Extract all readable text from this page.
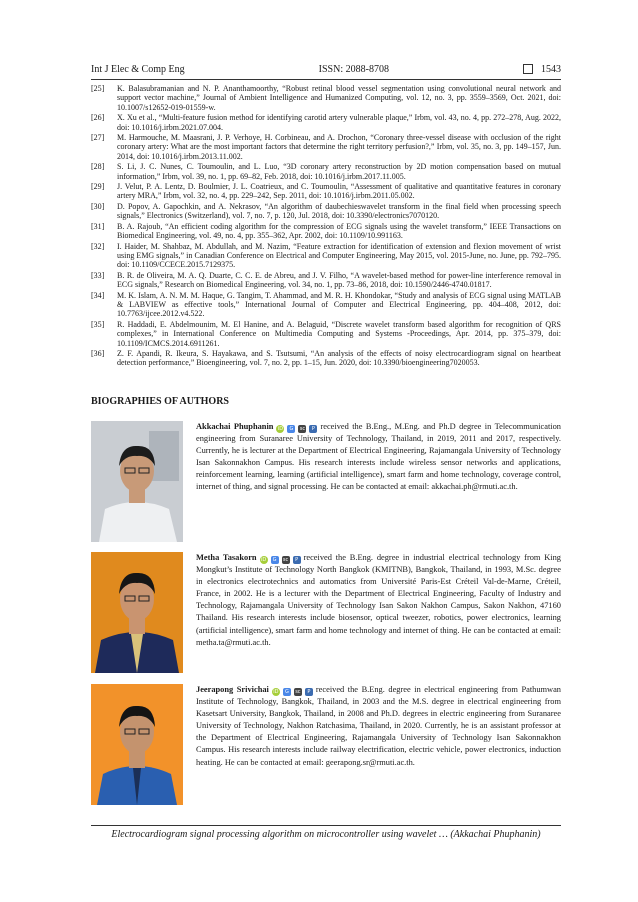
Int J Elec & Comp Eng	ISSN: 2088-8708	1543
[25]	K. Balasubramanian and N. P. Ananthamoorthy, “Robust retinal blood vessel segmentation using convolutional neural network and support vector machine,” Journal of Ambient Intelligence and Humanized Computing, vol. 12, no. 3, pp. 3559–3569, Oct. 2021, doi: 10.1007/s12652-019-01559-w.
[26]	X. Xu et al., “Multi-feature fusion method for identifying carotid artery vulnerable plaque,” Irbm, vol. 43, no. 4, pp. 272–278, Aug. 2022, doi: 10.1016/j.irbm.2021.07.004.
[27]	M. Harmouche, M. Maasrani, J. P. Verhoye, H. Corbineau, and A. Drochon, “Coronary three-vessel disease with occlusion of the right coronary artery: What are the most important factors that determine the right territory perfusion?,” Irbm, vol. 35, no. 3, pp. 149–157, Jun. 2014, doi: 10.1016/j.irbm.2013.11.002.
[28]	S. Li, J. C. Nunes, C. Toumoulin, and L. Luo, “3D coronary artery reconstruction by 2D motion compensation based on mutual information,” Irbm, vol. 39, no. 1, pp. 69–82, Feb. 2018, doi: 10.1016/j.irbm.2017.11.005.
[29]	J. Velut, P. A. Lentz, D. Boulmier, J. L. Coatrieux, and C. Toumoulin, “Assessment of qualitative and quantitative features in coronary artery MRA,” Irbm, vol. 32, no. 4, pp. 229–242, Sep. 2011, doi: 10.1016/j.irbm.2011.05.002.
[30]	D. Popov, A. Gapochkin, and A. Nekrasov, “An algorithm of daubechieswavelet transform in the final field when processing speech signals,” Electronics (Switzerland), vol. 7, no. 7, p. 120, Jul. 2018, doi: 10.3390/electronics7070120.
[31]	B. A. Rajoub, “An efficient coding algorithm for the compression of ECG signals using the wavelet transform,” IEEE Transactions on Biomedical Engineering, vol. 49, no. 4, pp. 355–362, Apr. 2002, doi: 10.1109/10.991163.
[32]	I. Haider, M. Shahbaz, M. Abdullah, and M. Nazim, “Feature extraction for identification of extension and flexion movement of wrist using EMG signals,” in Canadian Conference on Electrical and Computer Engineering, May 2015, vol. 2015-June, no. June, pp. 792–795. doi: 10.1109/CCECE.2015.7129375.
[33]	B. R. de Oliveira, M. A. Q. Duarte, C. C. E. de Abreu, and J. V. Filho, “A wavelet-based method for power-line interference removal in ECG signals,” Research on Biomedical Engineering, vol. 34, no. 1, pp. 73–86, 2018, doi: 10.1590/2446-4740.01817.
[34]	M. K. Islam, A. N. M. M. Haque, G. Tangim, T. Ahammad, and M. R. H. Khondokar, “Study and analysis of ECG signal using MATLAB & LABVIEW as effective tools,” International Journal of Computer and Electrical Engineering, pp. 404–408, 2012, doi: 10.7763/ijcee.2012.v4.522.
[35]	R. Haddadi, E. Abdelmounim, M. El Hanine, and A. Belaguid, “Discrete wavelet transform based algorithm for recognition of QRS complexes,” in International Conference on Multimedia Computing and Systems -Proceedings, Apr. 2014, pp. 375–379, doi: 10.1109/ICMCS.2014.6911261.
[36]	Z. F. Apandi, R. Ikeura, S. Hayakawa, and S. Tsutsumi, “An analysis of the effects of noisy electrocardiogram signal on heartbeat detection performance,” Bioengineering, vol. 7, no. 2, pp. 1–15, Jun. 2020, doi: 10.3390/bioengineering7020053.
BIOGRAPHIES OF AUTHORS
Akkachai Phuphanin iD	G	sc	P received the B.Eng., M.Eng. and Ph.D degree in Telecommunication engineering from Suranaree University of Technology, Thailand, in 2019, 2011 and 2017, respectively. Currently, he is lecturer at the Department of Electrical Engineering, Rajamangala University of Technology Isan Sakonnakhon Campus. His research interests include wireless sensor networks and applications, reinforcement learning, learning (artificial intelligence), smart farm and home technology, coverage control, internet of thing, and signal processing. He can be contacted at email: akkachai.ph@rmuti.ac.th.
Metha Tasakorn iD	G	sc	P received the B.Eng. degree in industrial electrical technology from King Mongkut’s Institute of Technology North Bangkok (KMITNB), Bangkok, Thailand, in 1993, M.Sc. degree in electronics electrotechnics and automatics from Université Paris-Est Créteil Val-de-Marne, Créteil, France, in 2002. He is a lecturer with the Department of Electrical Engineering, Faculty of Industry and Technology, Rajamangala University of Technology Isan Sakon Nakhon Campus, Sakon Nakhon, 47160 Thailand. His research interests include biosensor, optical tweezer, robotics, power electronics, learning (artificial intelligence), smart farm and home technology and internet of thing. He can be contacted at email: metha.ta@rmuti.ac.th.
Jeerapong Srivichai iD	G	sc	P received the B.Eng. degree in electrical engineering from Pathumwan Institute of Technology, Bangkok, Thailand, in 2003 and the M.S. degree in electrical engineering from Kasetsart University, Bangkok, Thailand, in 2008 and Ph.D. degrees in electric engineering from Suranaree University of Technology, Nakhon Ratchasima, Thailand, in 2020. Currently, he is an assistant professor at the Department of Electrical Engineering, Rajamangala University of Technology Isan Sakonnakhon Campus. His research interests include railway electrification, electric vehicle, power electronics, induction heating. He can be contacted at email: geerapong.sr@rmuti.ac.th.
Electrocardiogram signal processing algorithm on microcontroller using wavelet … (Akkachai Phuphanin)
